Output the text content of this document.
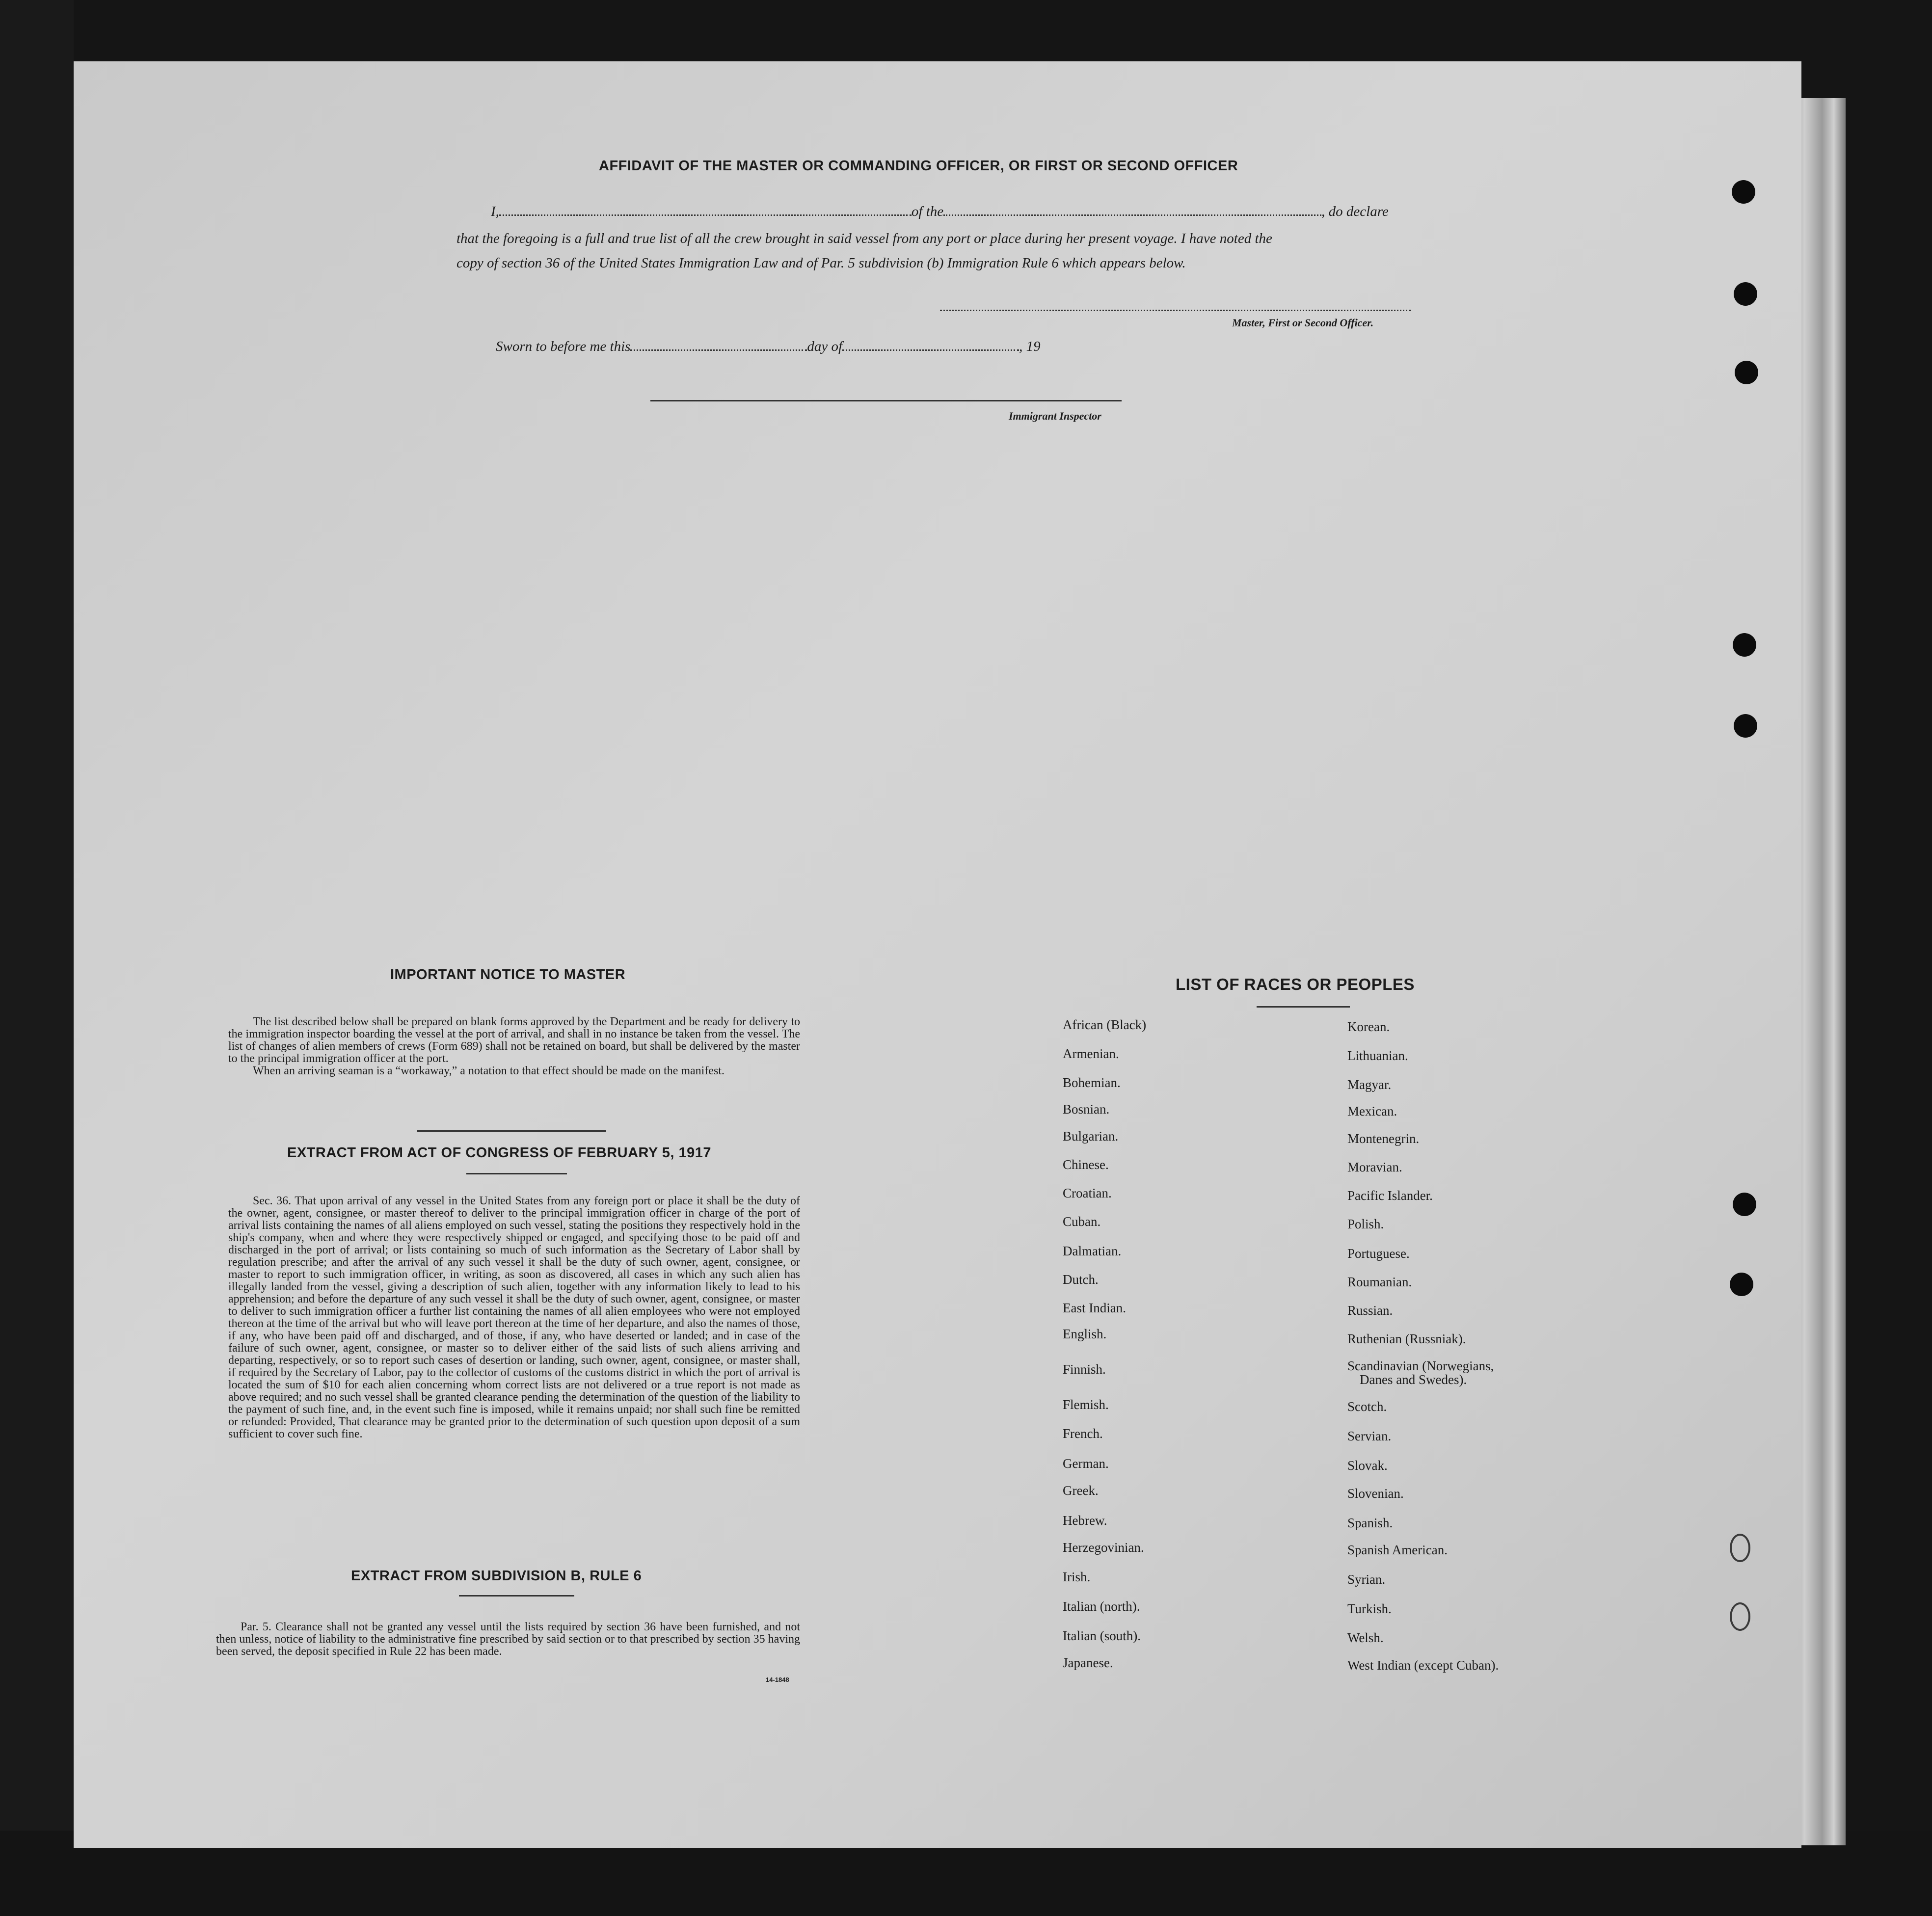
AFFIDAVIT OF THE MASTER OR COMMANDING OFFICER, OR FIRST OR SECOND OFFICER
I,	of the	, do declare
that the foregoing is a full and true list of all the crew brought in said vessel from any port or place during her present voyage. I have noted the
copy of section 36 of the United States Immigration Law and of Par. 5 subdivision (b) Immigration Rule 6 which appears below.
Master, First or Second Officer.
Sworn to before me this	day of	, 19
Immigrant Inspector
IMPORTANT NOTICE TO MASTER

The list described below shall be prepared on blank forms approved by the Department and be ready for delivery to the immigration inspector boarding the vessel at the port of arrival, and shall in no instance be taken from the vessel. The list of changes of alien members of crews (Form 689) shall not be retained on board, but shall be delivered by the master to the principal immigration officer at the port.

When an arriving seaman is a “workaway,” a notation to that effect should be made on the manifest.

EXTRACT FROM ACT OF CONGRESS OF FEBRUARY 5, 1917

Sec. 36. That upon arrival of any vessel in the United States from any foreign port or place it shall be the duty of the owner, agent, consignee, or master thereof to deliver to the principal immigration officer in charge of the port of arrival lists containing the names of all aliens employed on such vessel, stating the positions they respectively hold in the ship's company, when and where they were respectively shipped or engaged, and specifying those to be paid off and discharged in the port of arrival; or lists containing so much of such information as the Secretary of Labor shall by regulation prescribe; and after the arrival of any such vessel it shall be the duty of such owner, agent, consignee, or master to report to such immigration officer, in writing, as soon as discovered, all cases in which any such alien has illegally landed from the vessel, giving a description of such alien, together with any information likely to lead to his apprehension; and before the departure of any such vessel it shall be the duty of such owner, agent, consignee, or master to deliver to such immigration officer a further list containing the names of all alien employees who were not employed thereon at the time of the arrival but who will leave port thereon at the time of her departure, and also the names of those, if any, who have been paid off and discharged, and of those, if any, who have deserted or landed; and in case of the failure of such owner, agent, consignee, or master so to deliver either of the said lists of such aliens arriving and departing, respectively, or so to report such cases of desertion or landing, such owner, agent, consignee, or master shall, if required by the Secretary of Labor, pay to the collector of customs of the customs district in which the port of arrival is located the sum of $10 for each alien concerning whom correct lists are not delivered or a true report is not made as above required; and no such vessel shall be granted clearance pending the determination of the question of the liability to the payment of such fine, and, in the event such fine is imposed, while it remains unpaid; nor shall such fine be remitted or refunded: Provided, That clearance may be granted prior to the determination of such question upon deposit of a sum sufficient to cover such fine.

EXTRACT FROM SUBDIVISION B, RULE 6

Par. 5. Clearance shall not be granted any vessel until the lists required by section 36 have been furnished, and not then unless, notice of liability to the administrative fine prescribed by said section or to that prescribed by section 35 having been served, the deposit specified in Rule 22 has been made.

14-1848
LIST OF RACES OR PEOPLES
African (Black)
Armenian.
Bohemian.
Bosnian.
Bulgarian.
Chinese.
Croatian.
Cuban.
Dalmatian.
Dutch.
East Indian.
English.
Finnish.
Flemish.
French.
German.
Greek.
Hebrew.
Herzegovinian.
Irish.
Italian (north).
Italian (south).
Japanese.
Korean.
Lithuanian.
Magyar.
Mexican.
Montenegrin.
Moravian.
Pacific Islander.
Polish.
Portuguese.
Roumanian.
Russian.
Ruthenian (Russniak).
Scandinavian (Norwegians,
Danes and Swedes).
Scotch.
Servian.
Slovak.
Slovenian.
Spanish.
Spanish American.
Syrian.
Turkish.
Welsh.
West Indian (except Cuban).
